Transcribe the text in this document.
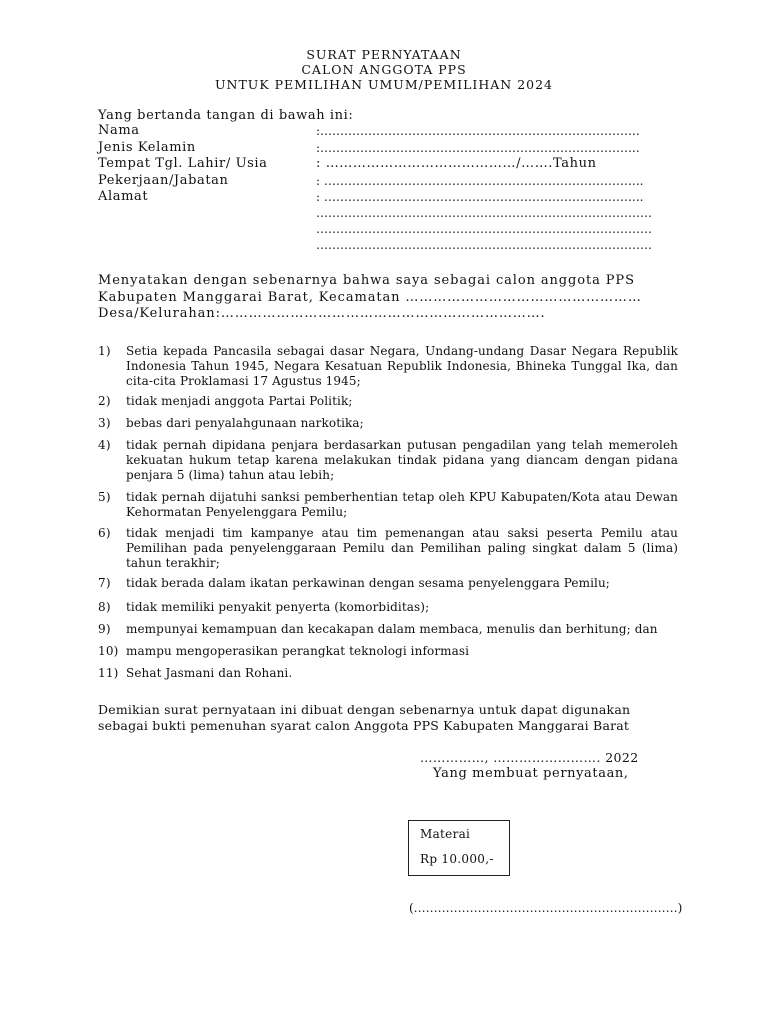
SURAT PERNYATAAN
CALON ANGGOTA PPS
UNTUK PEMILIHAN UMUM/PEMILIHAN 2024
Yang bertanda tangan di bawah ini:
Nama	:……………………………………………………………………..
Jenis Kelamin	:……………………………………………………………………..
Tempat Tgl. Lahir/ Usia	: ……………………………………/…….Tahun
Pekerjaan/Jabatan	: ……………………………………………………………………..
Alamat	: ……………………………………………………………………..
…………………………………………………………………………
…………………………………………………………………………
…………………………………………………………………………
Menyatakan dengan sebenarnya bahwa saya sebagai calon anggota PPS
Kabupaten Manggarai Barat, Kecamatan ……………………………………………
Desa/Kelurahan:…………………………………………………………….
1) Setia kepada Pancasila sebagai dasar Negara, Undang-undang Dasar Negara Republik Indonesia Tahun 1945, Negara Kesatuan Republik Indonesia, Bhineka Tunggal Ika, dan cita-cita Proklamasi 17 Agustus 1945;
2) tidak menjadi anggota Partai Politik;
3) bebas dari penyalahgunaan narkotika;
4) tidak pernah dipidana penjara berdasarkan putusan pengadilan yang telah memeroleh kekuatan hukum tetap karena melakukan tindak pidana yang diancam dengan pidana penjara 5 (lima) tahun atau lebih;
5) tidak pernah dijatuhi sanksi pemberhentian tetap oleh KPU Kabupaten/Kota atau Dewan Kehormatan Penyelenggara Pemilu;
6) tidak menjadi tim kampanye atau tim pemenangan atau saksi peserta Pemilu atau Pemilihan pada penyelenggaraan Pemilu dan Pemilihan paling singkat dalam 5 (lima) tahun terakhir;
7) tidak berada dalam ikatan perkawinan dengan sesama penyelenggara Pemilu;
8) tidak memiliki penyakit penyerta (komorbiditas);
9) mempunyai kemampuan dan kecakapan dalam membaca, menulis dan berhitung; dan
10) mampu mengoperasikan perangkat teknologi informasi
11) Sehat Jasmani dan Rohani.
Demikian surat pernyataan ini dibuat dengan sebenarnya untuk dapat digunakan
sebagai bukti pemenuhan syarat calon Anggota PPS Kabupaten Manggarai Barat
……………, ……………………. 2022
Yang membuat pernyataan,
Materai
Rp 10.000,-
(…………………………………………………………)
